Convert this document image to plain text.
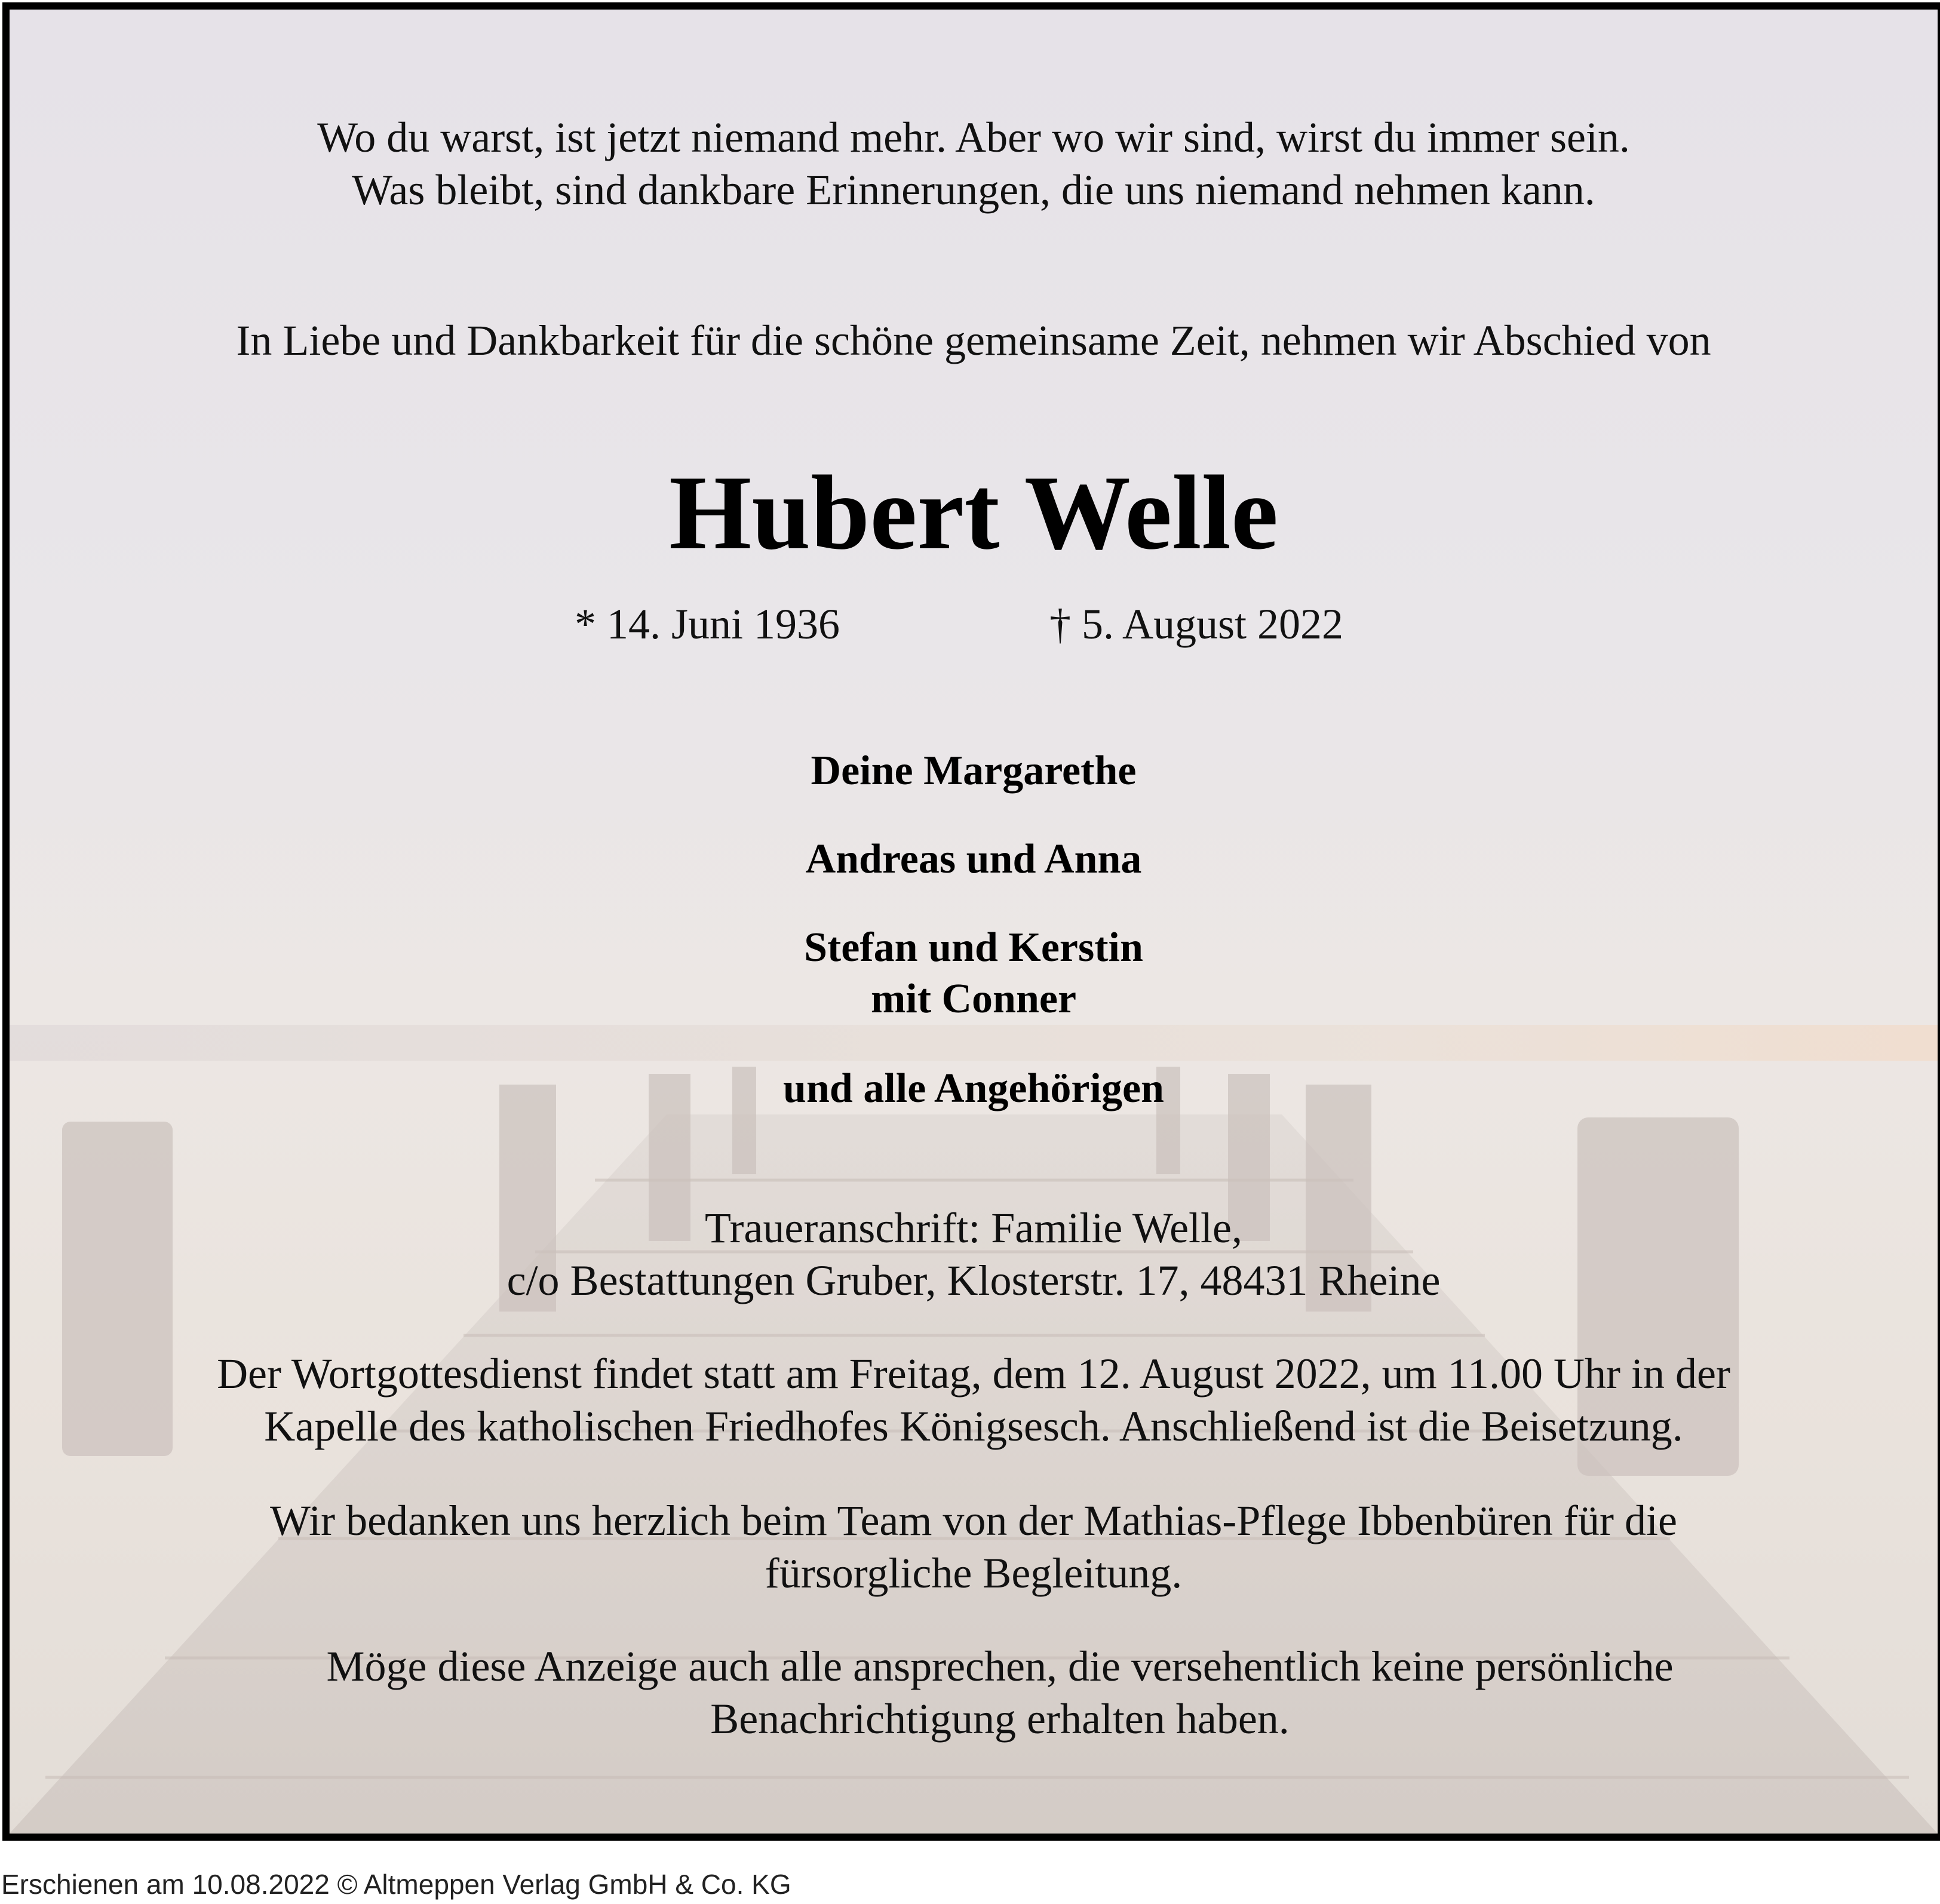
Wo du warst, ist jetzt niemand mehr. Aber wo wir sind, wirst du immer sein.

Was bleibt, sind dankbare Erinnerungen, die uns niemand nehmen kann.

In Liebe und Dankbarkeit für die schöne gemeinsame Zeit, nehmen wir Abschied von

Hubert Welle

* 14. Juni 1936	† 5. August 2022

Deine Margarethe

Andreas und Anna

Stefan und Kerstin

mit Conner

und alle Angehörigen

Traueranschrift: Familie Welle,

c/o Bestattungen Gruber, Klosterstr. 17, 48431 Rheine

Der Wortgottesdienst findet statt am Freitag, dem 12. August 2022, um 11.00 Uhr in der

Kapelle des katholischen Friedhofes Königsesch. Anschließend ist die Beisetzung.

Wir bedanken uns herzlich beim Team von der Mathias-Pflege Ibbenbüren für die

fürsorgliche Begleitung.

Möge diese Anzeige auch alle ansprechen, die versehentlich keine persönliche

Benachrichtigung erhalten haben.

Erschienen am 10.08.2022 © Altmeppen Verlag GmbH & Co. KG
